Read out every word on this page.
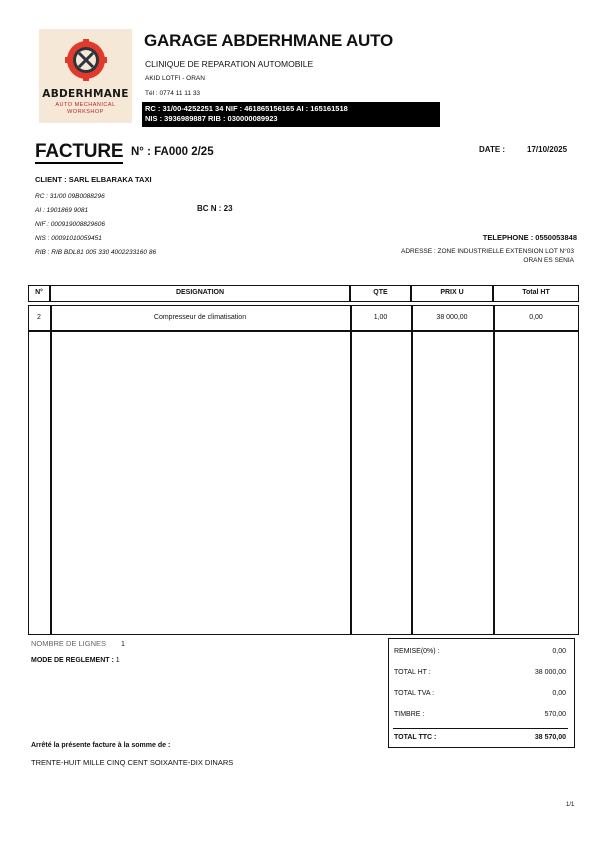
ABDERHMANE
AUTO MECHANICAL
WORKSHOP
GARAGE ABDERHMANE AUTO
CLINIQUE DE REPARATION AUTOMOBILE
AKID LOTFI - ORAN
Tél : 0774 11 11 33
RC : 31/00-4252251 34 NIF : 461865156165 AI : 165161518
NIS : 3936989887 RIB : 030000089923
FACTURE N° : FA000 2/25	DATE :	17/10/2025
CLIENT : SARL ELBARAKA TAXI
RC : 31/00 09B0088296
AI : 1901869 9081
NIF : 000919008829606
NIS : 00091010059451
RIB : RIB BDL81 005 330 4002233160 86
BC N : 23
TELEPHONE : 0550053848
ADRESSE : ZONE INDUSTRIELLE EXTENSION LOT N°03
ORAN ES SENIA
N°	DESIGNATION	QTE	PRIX U	Total HT
2	Compresseur de climatisation	1,00	38 000,00	0,00
NOMBRE DE LIGNES 1
MODE DE REGLEMENT : 1
REMISE(0%) :	0,00
TOTAL HT :	38 000,00
TOTAL TVA :	0,00
TIMBRE :	570,00
TOTAL TTC :	38 570,00
Arrêté la présente facture à la somme de :
TRENTE-HUIT MILLE CINQ CENT SOIXANTE-DIX DINARS
1/1
